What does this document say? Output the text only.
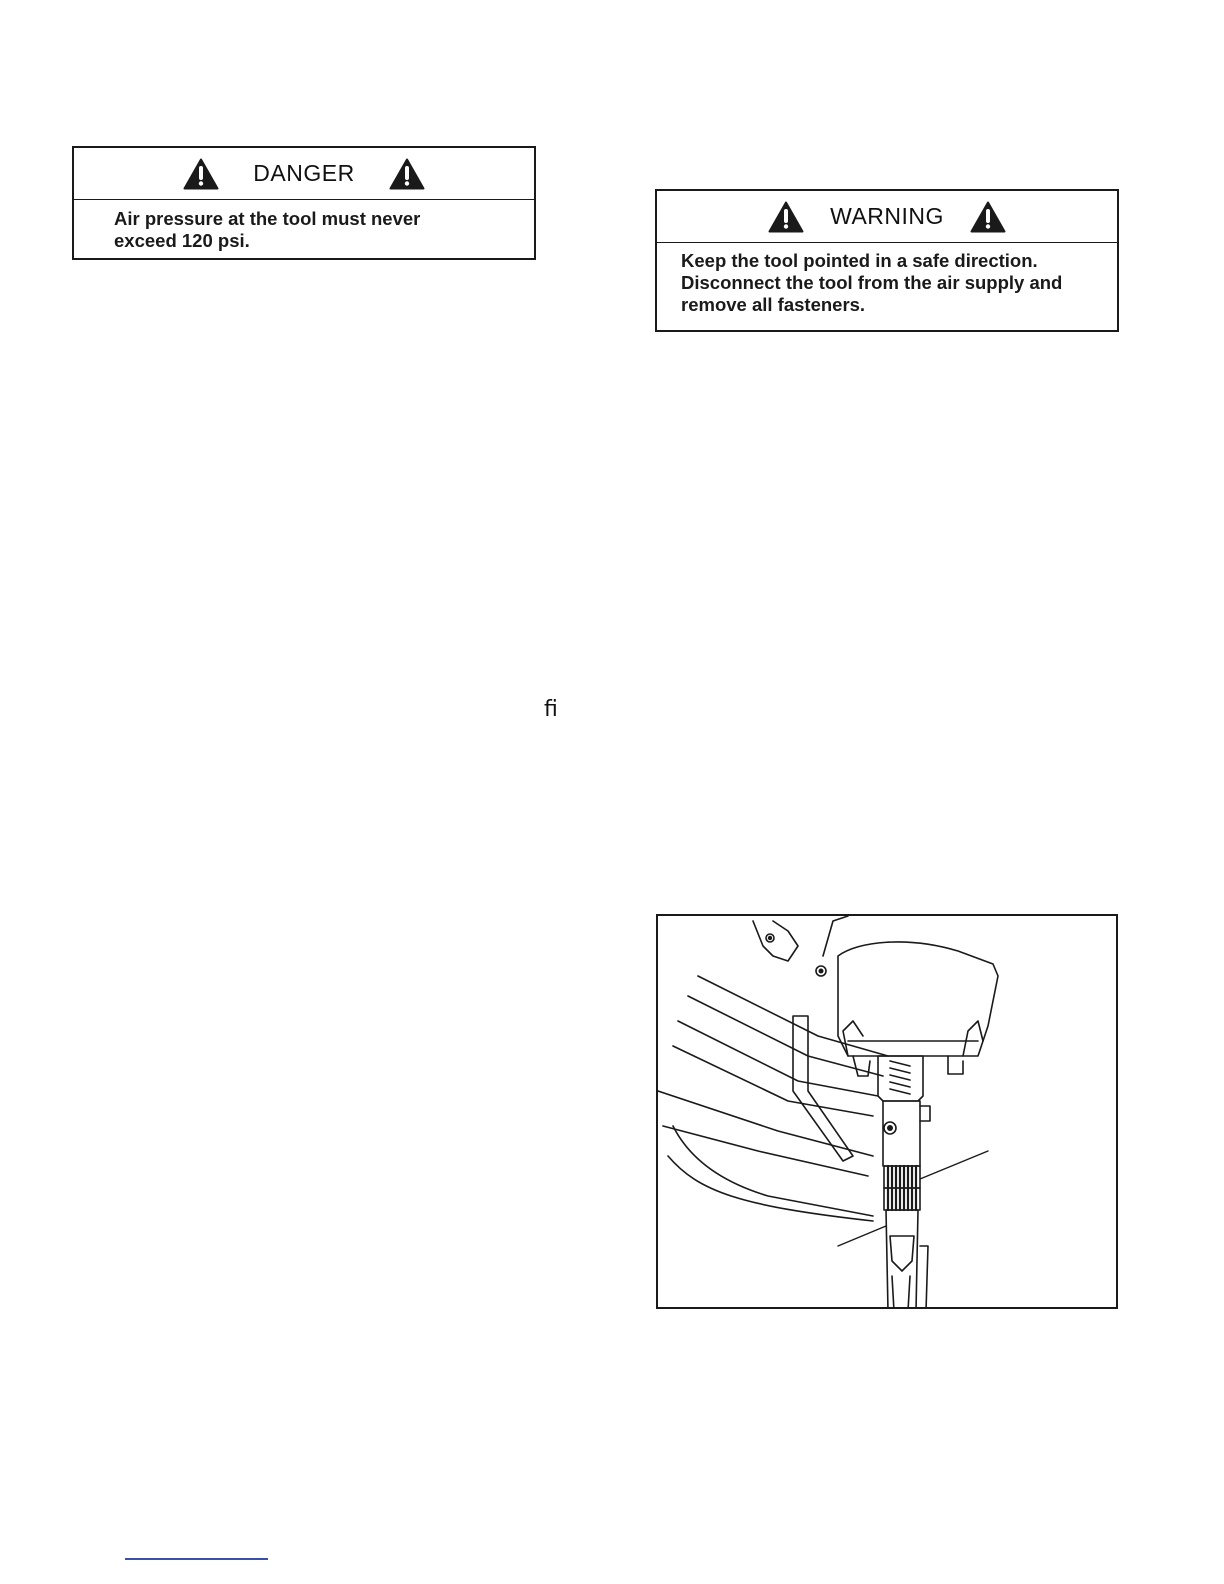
DANGER
Air pressure at the tool must never
exceed 120 psi.
WARNING
Keep the tool pointed in a safe direction.
Disconnect the tool from the air supply and
remove all fasteners.
ﬁ
